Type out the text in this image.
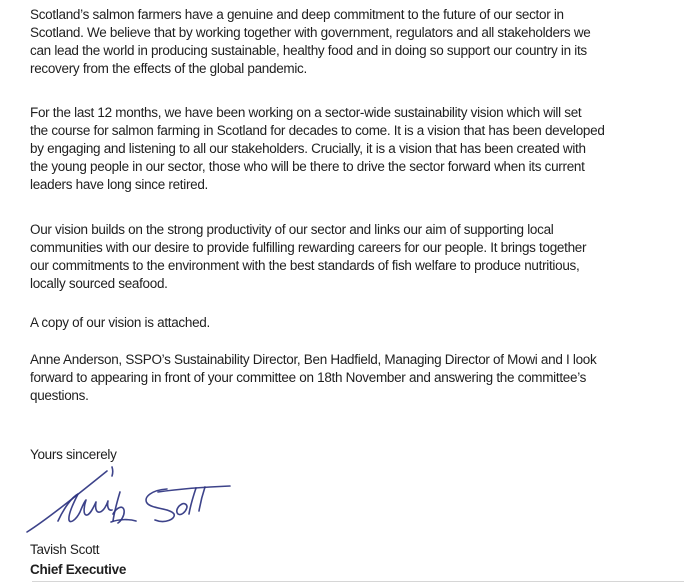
Scotland’s salmon farmers have a genuine and deep commitment to the future of our sector in
Scotland. We believe that by working together with government, regulators and all stakeholders we
can lead the world in producing sustainable, healthy food and in doing so support our country in its
recovery from the effects of the global pandemic.
For the last 12 months, we have been working on a sector-wide sustainability vision which will set
the course for salmon farming in Scotland for decades to come. It is a vision that has been developed
by engaging and listening to all our stakeholders. Crucially, it is a vision that has been created with
the young people in our sector, those who will be there to drive the sector forward when its current
leaders have long since retired.
Our vision builds on the strong productivity of our sector and links our aim of supporting local
communities with our desire to provide fulfilling rewarding careers for our people. It brings together
our commitments to the environment with the best standards of fish welfare to produce nutritious,
locally sourced seafood.
A copy of our vision is attached.
Anne Anderson, SSPO’s Sustainability Director, Ben Hadfield, Managing Director of Mowi and I look
forward to appearing in front of your committee on 18th November and answering the committee’s
questions.
Yours sincerely
Tavish Scott
Chief Executive
